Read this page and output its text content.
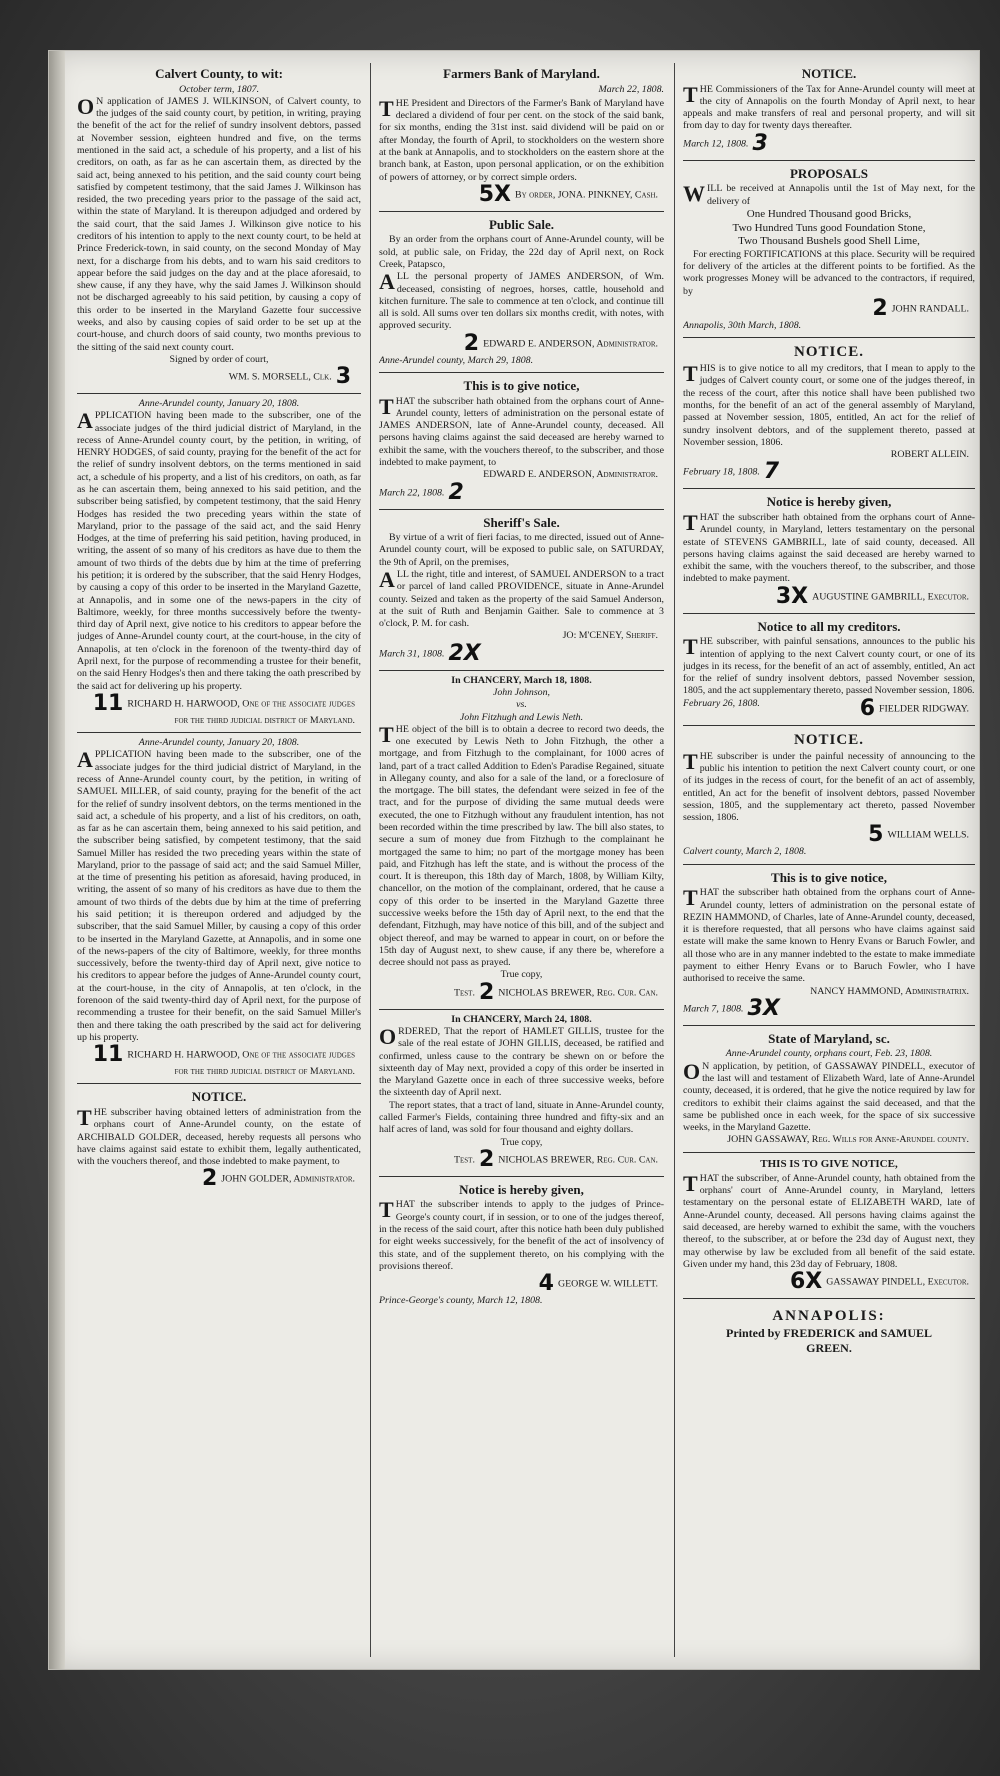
Calvert County, to wit:
October term, 1807.
ON application of JAMES J. WILKINSON, of Calvert county, to the judges of the said county court, by petition, in writing, praying the benefit of the act for the relief of sundry insolvent debtors, passed at November session, eighteen hundred and five, on the terms mentioned in the said act, a schedule of his property, and a list of his creditors, on oath, as far as he can ascertain them, as directed by the said act, being annexed to his petition, and the said county court being satisfied by competent testimony, that the said James J. Wilkinson has resided, the two preceding years prior to the passage of the said act, within the state of Maryland. It is thereupon adjudged and ordered by the said court, that the said James J. Wilkinson give notice to his creditors of his intention to apply to the next county court, to be held at Prince Frederick-town, in said county, on the second Monday of May next, for a discharge from his debts, and to warn his said creditors to appear before the said judges on the day and at the place aforesaid, to shew cause, if any they have, why the said James J. Wilkinson should not be discharged agreeably to his said petition, by causing a copy of this order to be inserted in the Maryland Gazette four successive weeks, and also by causing copies of said order to be set up at the court-house, and church doors of said county, two months previous to the sitting of the said next county court.
Signed by order of court,
WM. S. MORSELL, Clk. 3
Anne-Arundel county, January 20, 1808.
APPLICATION having been made to the subscriber, one of the associate judges of the third judicial district of Maryland, in the recess of Anne-Arundel county court, by the petition, in writing, of HENRY HODGES, of said county, praying for the benefit of the act for the relief of sundry insolvent debtors, on the terms mentioned in said act, a schedule of his property, and a list of his creditors, on oath, as far as he can ascertain them, being annexed to his said petition, and the subscriber being satisfied, by competent testimony, that the said Henry Hodges has resided the two preceding years within the state of Maryland, prior to the passage of the said act, and the said Henry Hodges, at the time of preferring his said petition, having produced, in writing, the assent of so many of his creditors as have due to them the amount of two thirds of the debts due by him at the time of preferring his petition; it is ordered by the subscriber, that the said Henry Hodges, by causing a copy of this order to be inserted in the Maryland Gazette, at Annapolis, and in some one of the news-papers in the city of Baltimore, weekly, for three months successively before the twenty-third day of April next, give notice to his creditors to appear before the judges of Anne-Arundel county court, at the court-house, in the city of Annapolis, at ten o'clock in the forenoon of the twenty-third day of April next, for the purpose of recommending a trustee for their benefit, on the said Henry Hodges's then and there taking the oath prescribed by the said act for delivering up his property.
11 RICHARD H. HARWOOD, One of the associate judges for the third judicial district of Maryland.
Anne-Arundel county, January 20, 1808.
APPLICATION having been made to the subscriber, one of the associate judges for the third judicial district of Maryland, in the recess of Anne-Arundel county court, by the petition, in writing of SAMUEL MILLER, of said county, praying for the benefit of the act for the relief of sundry insolvent debtors, on the terms mentioned in the said act, a schedule of his property, and a list of his creditors, on oath, as far as he can ascertain them, being annexed to his said petition, and the subscriber being satisfied, by competent testimony, that the said Samuel Miller has resided the two preceding years within the state of Maryland, prior to the passage of said act; and the said Samuel Miller, at the time of presenting his petition as aforesaid, having produced, in writing, the assent of so many of his creditors as have due to them the amount of two thirds of the debts due by him at the time of preferring his said petition; it is thereupon ordered and adjudged by the subscriber, that the said Samuel Miller, by causing a copy of this order to be inserted in the Maryland Gazette, at Annapolis, and in some one of the news-papers of the city of Baltimore, weekly, for three months successively, before the twenty-third day of April next, give notice to his creditors to appear before the judges of Anne-Arundel county court, at the court-house, in the city of Annapolis, at ten o'clock, in the forenoon of the said twenty-third day of April next, for the purpose of recommending a trustee for their benefit, on the said Samuel Miller's then and there taking the oath prescribed by the said act for delivering up his property.
11 RICHARD H. HARWOOD, One of the associate judges for the third judicial district of Maryland.
NOTICE.
THE subscriber having obtained letters of administration from the orphans court of Anne-Arundel county, on the estate of ARCHIBALD GOLDER, deceased, hereby requests all persons who have claims against said estate to exhibit them, legally authenticated, with the vouchers thereof, and those indebted to make payment, to
2 JOHN GOLDER, Administrator.
Farmers Bank of Maryland.
March 22, 1808.
THE President and Directors of the Farmer's Bank of Maryland have declared a dividend of four per cent. on the stock of the said bank, for six months, ending the 31st inst. said dividend will be paid on or after Monday, the fourth of April, to stockholders on the western shore at the bank at Annapolis, and to stockholders on the eastern shore at the branch bank, at Easton, upon personal application, or on the exhibition of powers of attorney, or by correct simple orders.
5X By order, JONA. PINKNEY, Cash.
Public Sale.
By an order from the orphans court of Anne-Arundel county, will be sold, at public sale, on Friday, the 22d day of April next, on Rock Creek, Patapsco,
ALL the personal property of JAMES ANDERSON, of Wm. deceased, consisting of negroes, horses, cattle, household and kitchen furniture. The sale to commence at ten o'clock, and continue till all is sold. All sums over ten dollars six months credit, with notes, with approved security.
2 EDWARD E. ANDERSON, Administrator.
Anne-Arundel county, March 29, 1808.
This is to give notice,
THAT the subscriber hath obtained from the orphans court of Anne-Arundel county, letters of administration on the personal estate of JAMES ANDERSON, late of Anne-Arundel county, deceased. All persons having claims against the said deceased are hereby warned to exhibit the same, with the vouchers thereof, to the subscriber, and those indebted to make payment, to
EDWARD E. ANDERSON, Administrator.
March 22, 1808. 2
Sheriff's Sale.
By virtue of a writ of fieri facias, to me directed, issued out of Anne-Arundel county court, will be exposed to public sale, on SATURDAY, the 9th of April, on the premises,
ALL the right, title and interest, of SAMUEL ANDERSON to a tract or parcel of land called PROVIDENCE, situate in Anne-Arundel county. Seized and taken as the property of the said Samuel Anderson, at the suit of Ruth and Benjamin Gaither. Sale to commence at 3 o'clock, P. M. for cash.
JO: M'CENEY, Sheriff.
March 31, 1808. 2X
In CHANCERY, March 18, 1808.
John Johnson,
vs.
John Fitzhugh and Lewis Neth.
THE object of the bill is to obtain a decree to record two deeds, the one executed by Lewis Neth to John Fitzhugh, the other a mortgage, and from Fitzhugh to the complainant, for 1000 acres of land, part of a tract called Addition to Eden's Paradise Regained, situate in Allegany county, and also for a sale of the land, or a foreclosure of the mortgage. The bill states, the defendant were seized in fee of the tract, and for the purpose of dividing the same mutual deeds were executed, the one to Fitzhugh without any fraudulent intention, has not been recorded within the time prescribed by law. The bill also states, to secure a sum of money due from Fitzhugh to the complainant he mortgaged the same to him; no part of the mortgage money has been paid, and Fitzhugh has left the state, and is without the process of the court. It is thereupon, this 18th day of March, 1808, by William Kilty, chancellor, on the motion of the complainant, ordered, that he cause a copy of this order to be inserted in the Maryland Gazette three successive weeks before the 15th day of April next, to the end that the defendant, Fitzhugh, may have notice of this bill, and of the subject and object thereof, and may be warned to appear in court, on or before the 15th day of August next, to shew cause, if any there be, wherefore a decree should not pass as prayed.
True copy,
Test. 2 NICHOLAS BREWER, Reg. Cur. Can.
In CHANCERY, March 24, 1808.
ORDERED, That the report of HAMLET GILLIS, trustee for the sale of the real estate of JOHN GILLIS, deceased, be ratified and confirmed, unless cause to the contrary be shewn on or before the sixteenth day of May next, provided a copy of this order be inserted in the Maryland Gazette once in each of three successive weeks, before the sixteenth day of April next.
The report states, that a tract of land, situate in Anne-Arundel county, called Farmer's Fields, containing three hundred and fifty-six and an half acres of land, was sold for four thousand and eighty dollars.
True copy,
Test. 2 NICHOLAS BREWER, Reg. Cur. Can.
Notice is hereby given,
THAT the subscriber intends to apply to the judges of Prince-George's county court, if in session, or to one of the judges thereof, in the recess of the said court, after this notice hath been duly published for eight weeks successively, for the benefit of the act of insolvency of this state, and of the supplement thereto, on his complying with the provisions thereof.
4 GEORGE W. WILLETT.
Prince-George's county, March 12, 1808.
NOTICE.
THE Commissioners of the Tax for Anne-Arundel county will meet at the city of Annapolis on the fourth Monday of April next, to hear appeals and make transfers of real and personal property, and will sit from day to day for twenty days thereafter.
March 12, 1808. 3
PROPOSALS
WILL be received at Annapolis until the 1st of May next, for the delivery of
One Hundred Thousand good Bricks,
Two Hundred Tuns good Foundation Stone,
Two Thousand Bushels good Shell Lime,
For erecting FORTIFICATIONS at this place. Security will be required for delivery of the articles at the different points to be fortified. As the work progresses Money will be advanced to the contractors, if required, by
2 JOHN RANDALL.
Annapolis, 30th March, 1808.
NOTICE.
THIS is to give notice to all my creditors, that I mean to apply to the judges of Calvert county court, or some one of the judges thereof, in the recess of the court, after this notice shall have been published two months, for the benefit of an act of the general assembly of Maryland, passed at November session, 1805, entitled, An act for the relief of sundry insolvent debtors, and of the supplement thereto, passed at November session, 1806.
ROBERT ALLEIN.
February 18, 1808. 7
Notice is hereby given,
THAT the subscriber hath obtained from the orphans court of Anne-Arundel county, in Maryland, letters testamentary on the personal estate of STEVENS GAMBRILL, late of said county, deceased. All persons having claims against the said deceased are hereby warned to exhibit the same, with the vouchers thereof, to the subscriber, and those indebted to make payment.
3X AUGUSTINE GAMBRILL, Executor.
Notice to all my creditors.
THE subscriber, with painful sensations, announces to the public his intention of applying to the next Calvert county court, or one of its judges in its recess, for the benefit of an act of assembly, entitled, An act for the relief of sundry insolvent debtors, passed November session, 1805, and the act supplementary thereto, passed November session, 1806.
February 26, 1808.	6 FIELDER RIDGWAY.
NOTICE.
THE subscriber is under the painful necessity of announcing to the public his intention to petition the next Calvert county court, or one of its judges in the recess of court, for the benefit of an act of assembly, entitled, An act for the benefit of insolvent debtors, passed November session, 1805, and the supplementary act thereto, passed November session, 1806.
5 WILLIAM WELLS.
Calvert county, March 2, 1808.
This is to give notice,
THAT the subscriber hath obtained from the orphans court of Anne-Arundel county, letters of administration on the personal estate of REZIN HAMMOND, of Charles, late of Anne-Arundel county, deceased, it is therefore requested, that all persons who have claims against said estate will make the same known to Henry Evans or Baruch Fowler, and all those who are in any manner indebted to the estate to make immediate payment to either Henry Evans or to Baruch Fowler, who I have authorised to receive the same.
NANCY HAMMOND, Administratrix.
March 7, 1808. 3X
State of Maryland, sc.
Anne-Arundel county, orphans court, Feb. 23, 1808.
ON application, by petition, of GASSAWAY PINDELL, executor of the last will and testament of Elizabeth Ward, late of Anne-Arundel county, deceased, it is ordered, that he give the notice required by law for creditors to exhibit their claims against the said deceased, and that the same be published once in each week, for the space of six successive weeks, in the Maryland Gazette.
JOHN GASSAWAY, Reg. Wills for Anne-Arundel county.
THIS IS TO GIVE NOTICE,
THAT the subscriber, of Anne-Arundel county, hath obtained from the orphans' court of Anne-Arundel county, in Maryland, letters testamentary on the personal estate of ELIZABETH WARD, late of Anne-Arundel county, deceased. All persons having claims against the said deceased, are hereby warned to exhibit the same, with the vouchers thereof, to the subscriber, at or before the 23d day of August next, they may otherwise by law be excluded from all benefit of the said estate. Given under my hand, this 23d day of February, 1808.
6X GASSAWAY PINDELL, Executor.
ANNAPOLIS:
Printed by FREDERICK and SAMUEL
GREEN.
